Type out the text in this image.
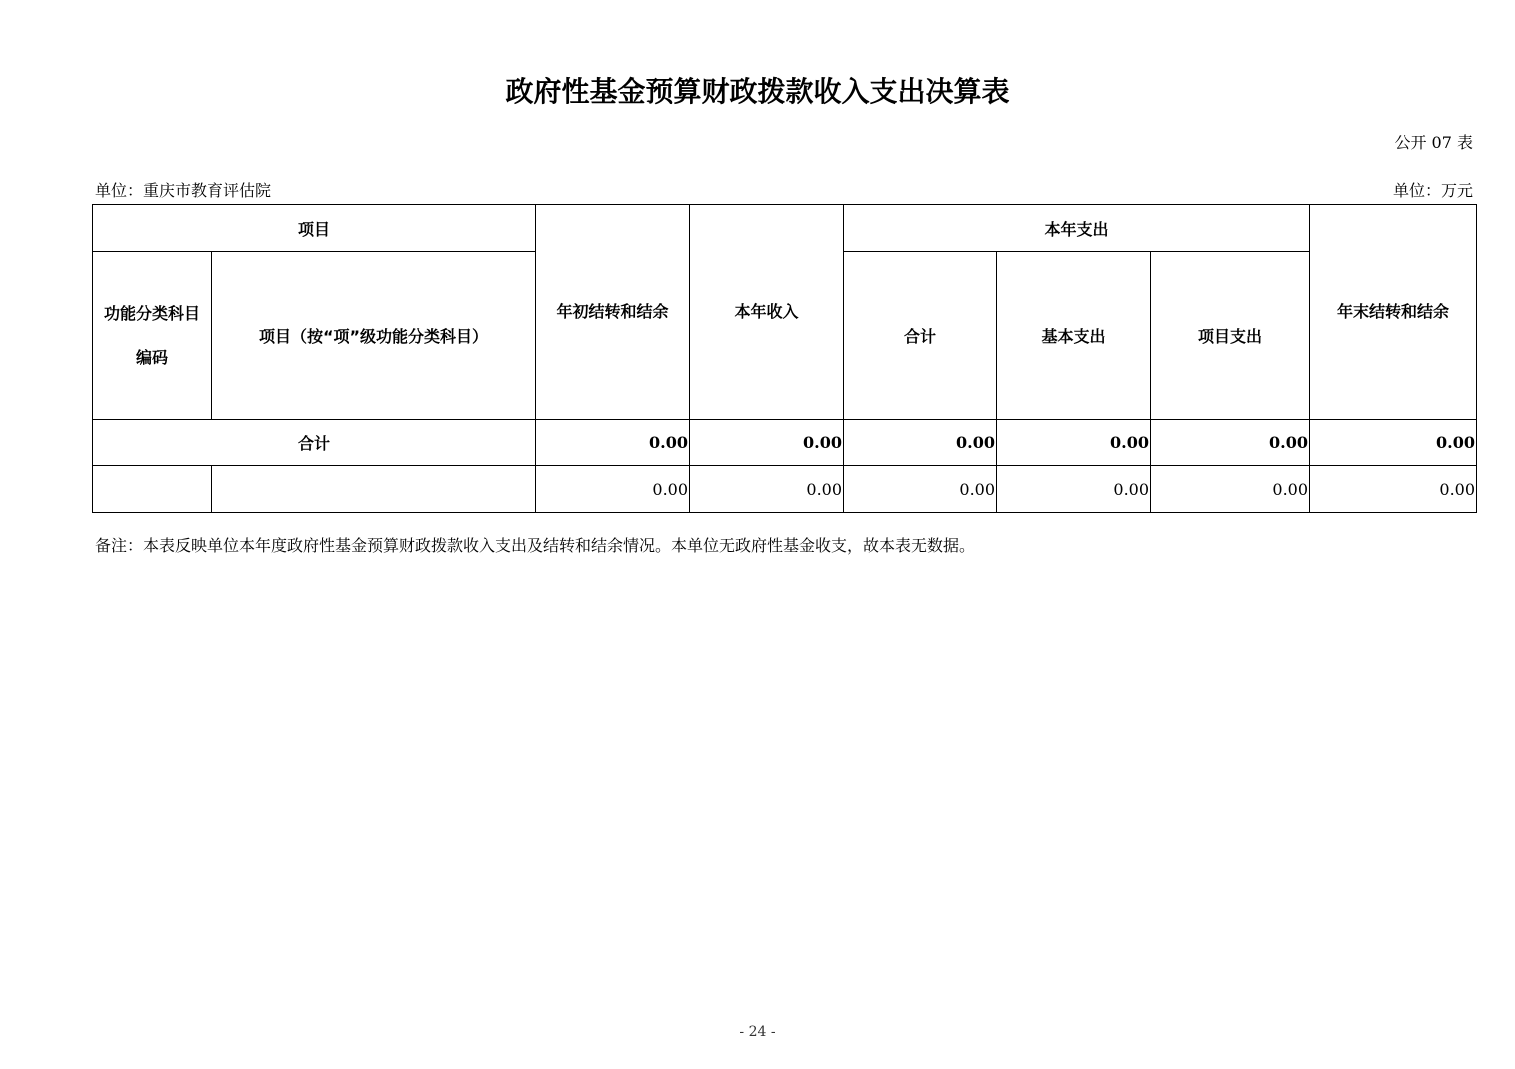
政府性基金预算财政拨款收入支出决算表
公开 07 表
单位：重庆市教育评估院	单位：万元
项目		年初结转和结余	本年收入	本年支出			年末结转和结余

功能分类科目
编码	项目（按“项”级功能分类科目）			合计	基本支出	项目支出	
合计		0.00	0.00	0.00	0.00	0.00	0.00
		0.00	0.00	0.00	0.00	0.00	0.00
备注：本表反映单位本年度政府性基金预算财政拨款收入支出及结转和结余情况。本单位无政府性基金收支，故本表无数据。
- 24 -
